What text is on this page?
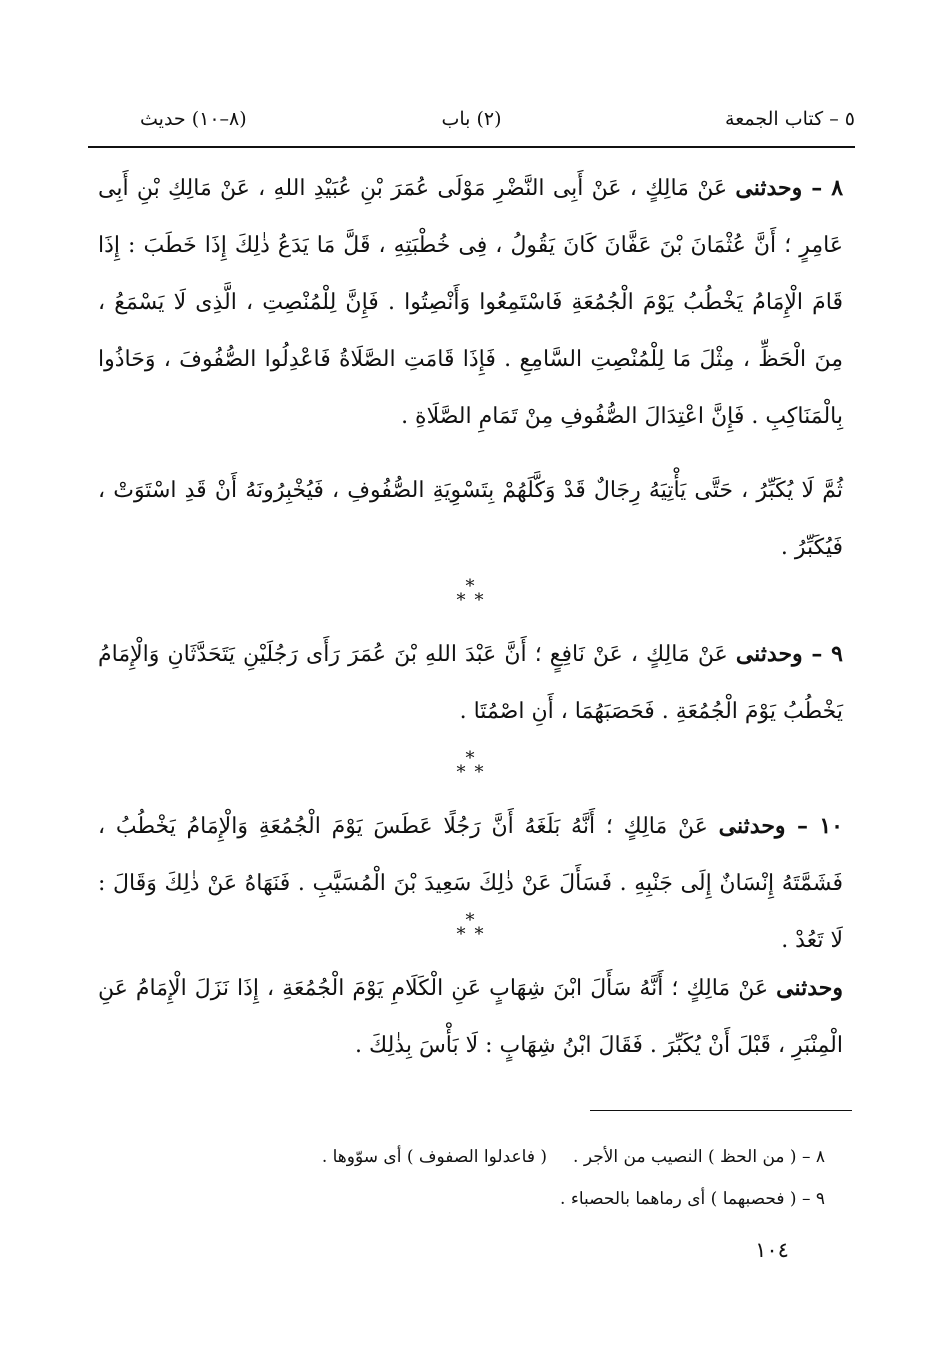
٥ – كتاب الجمعة
(٢) باب
(٨–١٠) حديث
٨ – وحدثنى عَنْ مَالِكٍ ، عَنْ أَبِى النَّضْرِ مَوْلَى عُمَرَ بْنِ عُبَيْدِ اللهِ ، عَنْ مَالِكِ بْنِ أَبِى عَامِرٍ ؛ أَنَّ عُثْمَانَ بْنَ عَفَّانَ كَانَ يَقُولُ ، فِى خُطْبَتِهِ ، قَلَّ مَا يَدَعُ ذٰلِكَ إِذَا خَطَبَ : إِذَا قَامَ الْإِمَامُ يَخْطُبُ يَوْمَ الْجُمُعَةِ فَاسْتَمِعُوا وَأَنْصِتُوا . فَإِنَّ لِلْمُنْصِتِ ، الَّذِى لَا يَسْمَعُ ، مِنَ الْحَظِّ ، مِثْلَ مَا لِلْمُنْصِتِ السَّامِعِ . فَإِذَا قَامَتِ الصَّلَاةُ فَاعْدِلُوا الصُّفُوفَ ، وَحَاذُوا بِالْمَنَاكِبِ . فَإِنَّ اعْتِدَالَ الصُّفُوفِ مِنْ تَمَامِ الصَّلَاةِ .
ثُمَّ لَا يُكَبِّرُ ، حَتَّى يَأْتِيَهُ رِجَالٌ قَدْ وَكَّلَهُمْ بِتَسْوِيَةِ الصُّفُوفِ ، فَيُخْبِرُونَهُ أَنْ قَدِ اسْتَوَتْ ، فَيُكَبِّرُ .
*
*  *
٩ – وحدثنى عَنْ مَالِكٍ ، عَنْ نَافِعٍ ؛ أَنَّ عَبْدَ اللهِ بْنَ عُمَرَ رَأَى رَجُلَيْنِ يَتَحَدَّثَانِ وَالْإِمَامُ يَخْطُبُ يَوْمَ الْجُمُعَةِ . فَحَصَبَهُمَا ، أَنِ اصْمُتَا .
*
*  *
١٠ – وحدثنى عَنْ مَالِكٍ ؛ أَنَّهُ بَلَغَهُ أَنَّ رَجُلًا عَطَسَ يَوْمَ الْجُمُعَةِ وَالْإِمَامُ يَخْطُبُ ، فَشَمَّتَهُ إِنْسَانٌ إِلَى جَنْبِهِ . فَسَأَلَ عَنْ ذٰلِكَ سَعِيدَ بْنَ الْمُسَيَّبِ . فَنَهَاهُ عَنْ ذٰلِكَ وَقَالَ : لَا تَعُدْ .
*
*  *
وحدثنى عَنْ مَالِكٍ ؛ أَنَّهُ سَأَلَ ابْنَ شِهَابٍ عَنِ الْكَلَامِ يَوْمَ الْجُمُعَةِ ، إِذَا نَزَلَ الْإِمَامُ عَنِ الْمِنْبَرِ ، قَبْلَ أَنْ يُكَبِّرَ . فَقَالَ ابْنُ شِهَابٍ : لَا بَأْسَ بِذٰلِكَ .
٨ – ( من الحظ ) النصيب من الأجر .( فاعدلوا الصفوف ) أى سوّوها .
٩ – ( فحصبهما ) أى رماهما بالحصباء .
١٠٤
